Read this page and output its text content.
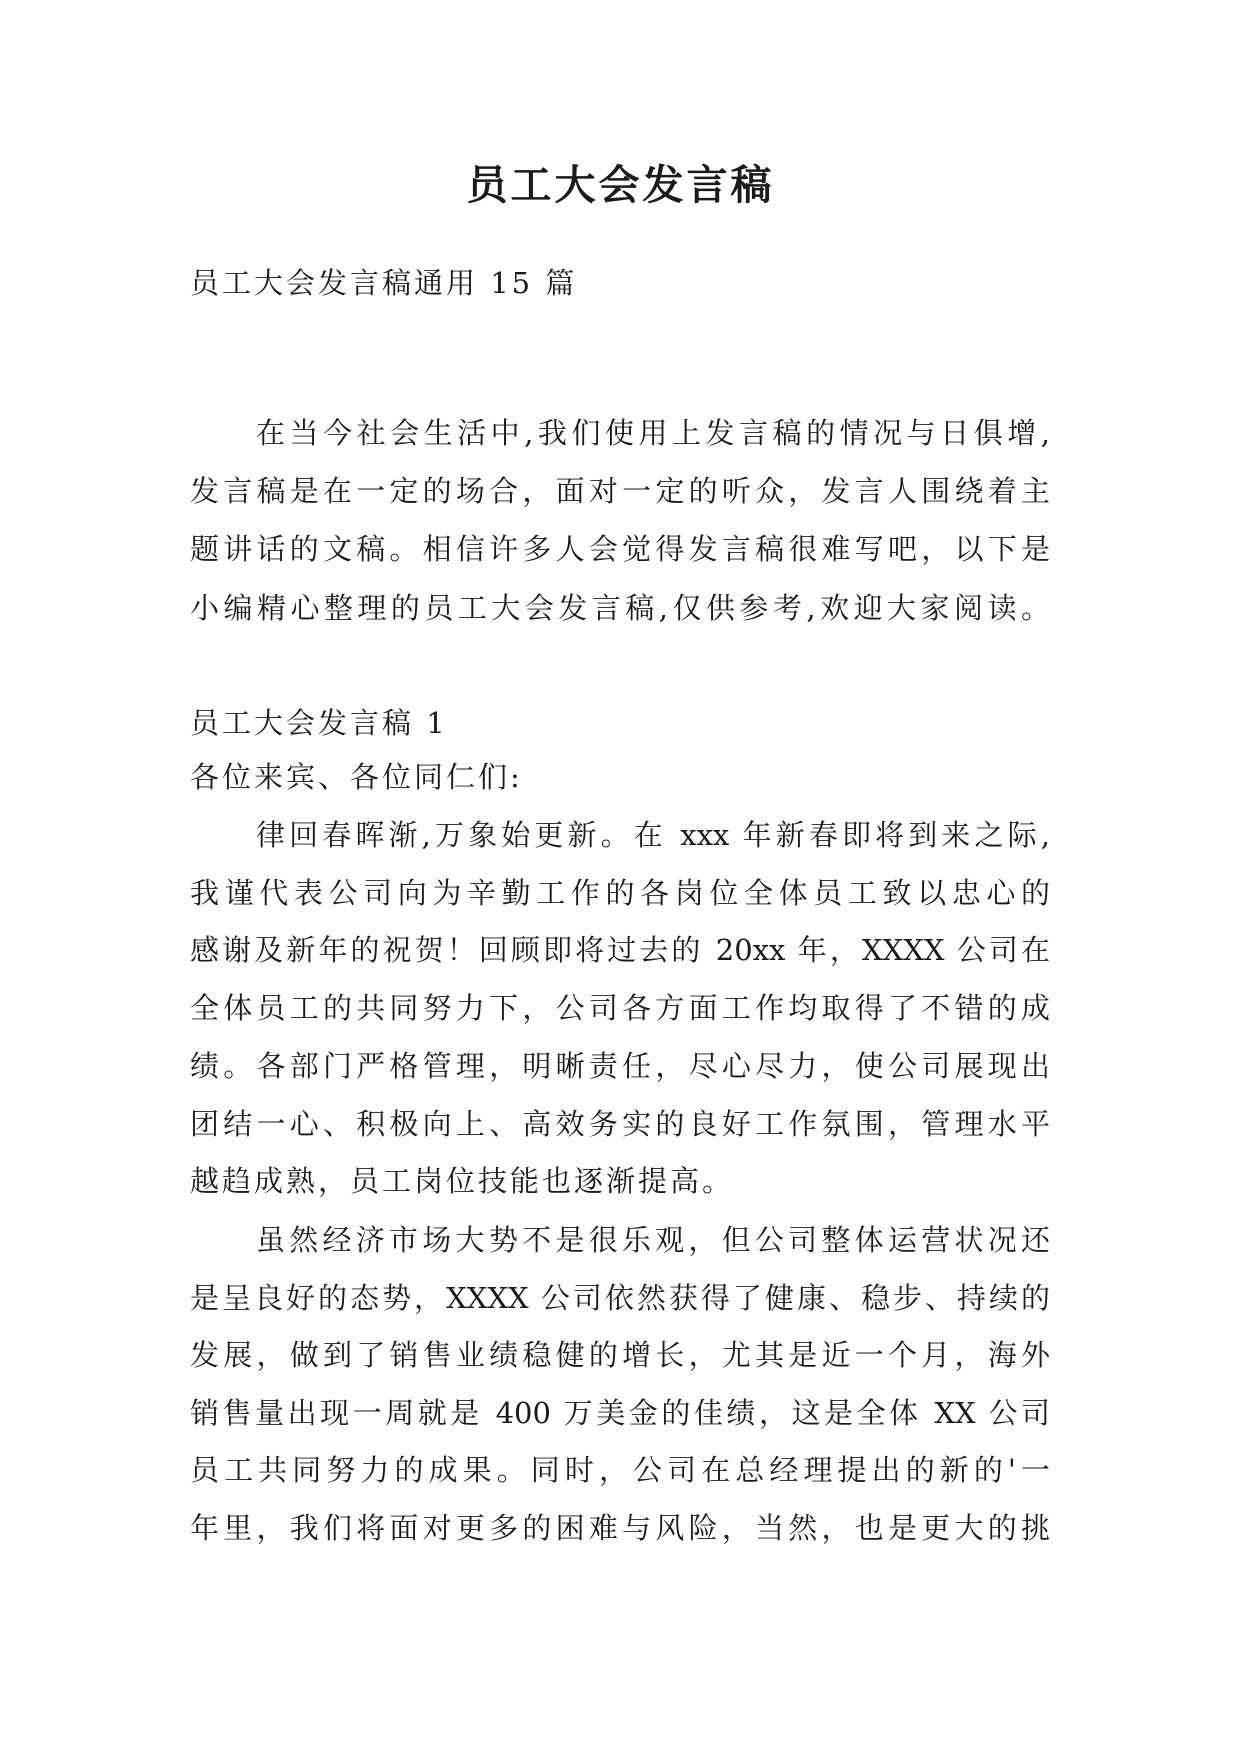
员工大会发言稿
员工大会发言稿通用 15 篇
在当今社会生活中,我们使用上发言稿的情况与日俱增,
发言稿是在一定的场合，面对一定的听众，发言人围绕着主
题讲话的文稿。相信许多人会觉得发言稿很难写吧，以下是
小编精心整理的员工大会发言稿,仅供参考,欢迎大家阅读。
员工大会发言稿 1
各位来宾、各位同仁们:
律回春晖渐,万象始更新。在 xxx 年新春即将到来之际,
我谨代表公司向为辛勤工作的各岗位全体员工致以忠心的
感谢及新年的祝贺！回顾即将过去的 20xx 年，XXXX 公司在
全体员工的共同努力下，公司各方面工作均取得了不错的成
绩。各部门严格管理，明晰责任，尽心尽力，使公司展现出
团结一心、积极向上、高效务实的良好工作氛围，管理水平
越趋成熟，员工岗位技能也逐渐提高。
虽然经济市场大势不是很乐观，但公司整体运营状况还
是呈良好的态势，XXXX 公司依然获得了健康、稳步、持续的
发展，做到了销售业绩稳健的增长，尤其是近一个月，海外
销售量出现一周就是 400 万美金的佳绩，这是全体 XX 公司
员工共同努力的成果。同时，公司在总经理提出的新的'一
年里，我们将面对更多的困难与风险，当然，也是更大的挑
